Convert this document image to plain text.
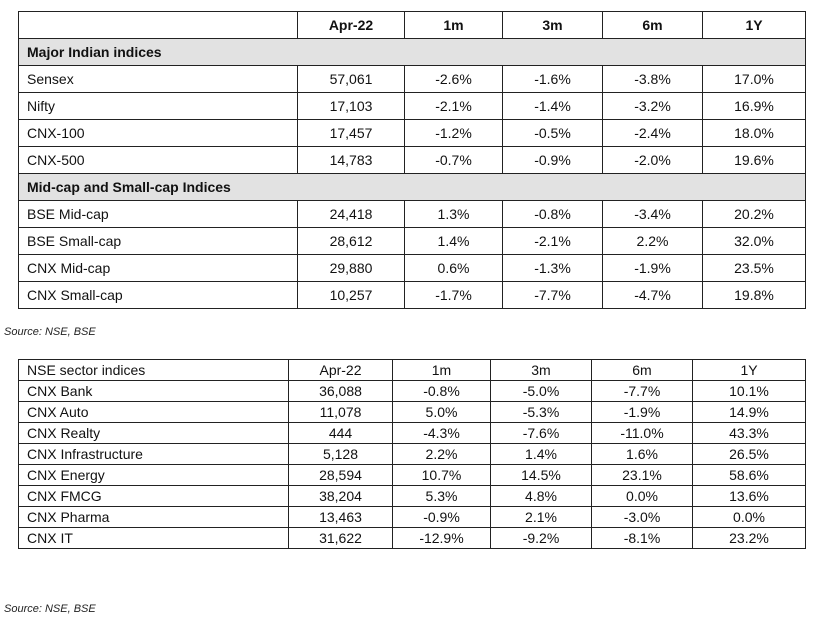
	Apr-22	1m	3m	6m	1Y
Major Indian indices					
Sensex	57,061	-2.6%	-1.6%	-3.8%	17.0%
Nifty	17,103	-2.1%	-1.4%	-3.2%	16.9%
CNX-100	17,457	-1.2%	-0.5%	-2.4%	18.0%
CNX-500	14,783	-0.7%	-0.9%	-2.0%	19.6%
Mid-cap and Small-cap Indices					
BSE Mid-cap	24,418	1.3%	-0.8%	-3.4%	20.2%
BSE Small-cap	28,612	1.4%	-2.1%	2.2%	32.0%
CNX Mid-cap	29,880	0.6%	-1.3%	-1.9%	23.5%
CNX Small-cap	10,257	-1.7%	-7.7%	-4.7%	19.8%
Source: NSE, BSE
NSE sector indices	Apr-22	1m	3m	6m	1Y
CNX Bank	36,088	-0.8%	-5.0%	-7.7%	10.1%
CNX Auto	11,078	5.0%	-5.3%	-1.9%	14.9%
CNX Realty	444	-4.3%	-7.6%	-11.0%	43.3%
CNX Infrastructure	5,128	2.2%	1.4%	1.6%	26.5%
CNX Energy	28,594	10.7%	14.5%	23.1%	58.6%
CNX FMCG	38,204	5.3%	4.8%	0.0%	13.6%
CNX Pharma	13,463	-0.9%	2.1%	-3.0%	0.0%
CNX IT	31,622	-12.9%	-9.2%	-8.1%	23.2%
Source: NSE, BSE
